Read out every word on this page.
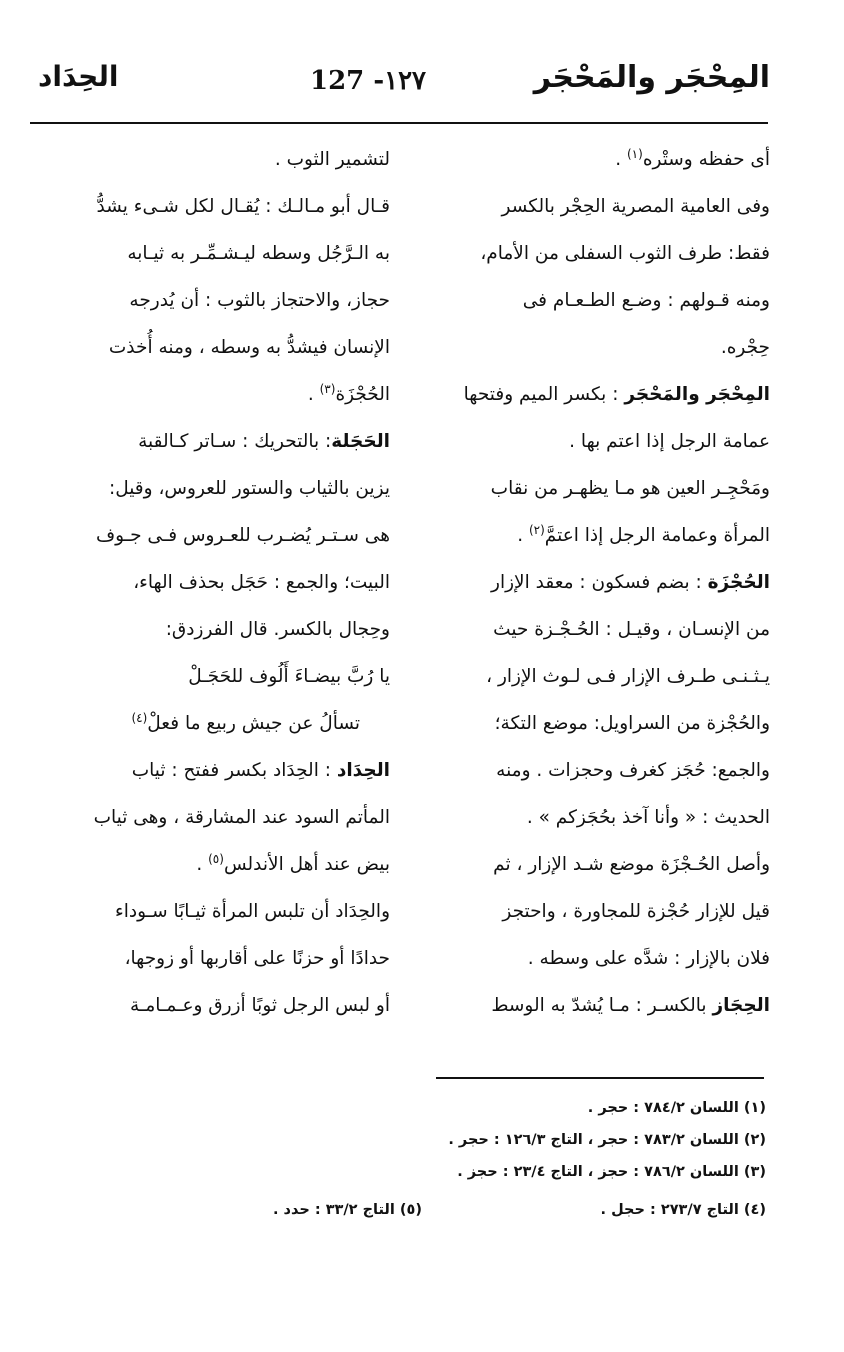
المِحْجَر والمَحْجَر
127 -١٢٧
الحِدَاد
أى حفظه وستْره$^{(١)}$ .
وفى العامية المصرية الحِجْر بالكسر
فقط: طرف الثوب السفلى من الأمام،
ومنه قـولهم : وضـع الطـعـام فى
حِجْره.
المِحْجَر والمَحْجَر : بكسر الميم وفتحها
عمامة الرجل إذا اعتم بها .
ومَحْجِـر العين هو مـا يظهـر من نقاب
المرأة وعمامة الرجل إذا اعتمَّ$^{(٢)}$ .
الحُجْزَة : بضم فسكون : معقد الإزار
من الإنسـان ، وقيـل : الحُـجْـزة حيث
يـثـنـى طـرف الإزار فـى لـوث الإزار ،
والحُجْزة من السراويل: موضع التكة؛
والجمع: حُجَز كغرف وحجزات . ومنه
الحديث : « وأنا آخذ بحُجَزكم » .
وأصل الحُـجْزَة موضع شـد الإزار ، ثم
قيل للإزار حُجْزة للمجاورة ، واحتجز
فلان بالإزار : شدَّه على وسطه .
الحِجَاز بالكسـر : مـا يُشدّ به الوسط
لتشمير الثوب .
قـال أبو مـالـك : يُقـال لكل شـىء يشدُّ
به الـرَّجُل وسطه ليـشـمِّـر به ثيـابه
حجاز، والاحتجاز بالثوب : أن يُدرجه
الإنسان فيشدُّ به وسطه ، ومنه أُخذت
الحُجْزَة$^{(٣)}$ .
الحَجَلة: بالتحريك : سـاتر كـالقبة
يزين بالثياب والستور للعروس، وقيل:
هى سـتـر يُضـرب للعـروس فـى جـوف
البيت؛ والجمع : حَجَل بحذف الهاء،
وحِجال بالكسر. قال الفرزدق:
يا رُبَّ بيضـاءَ أَلُوف للحَجَـلْ
تسألُ عن جيش ربيع ما فعلْ$^{(٤)}$
الحِدَاد : الحِدَاد بكسر ففتح : ثياب
المأتم السود عند المشارقة ، وهى ثياب
بيض عند أهل الأندلس$^{(٥)}$ .
والحِدَاد أن تلبس المرأة ثيـابًا سـوداء
حدادًا أو حزنًا على أقاربها أو زوجها،
أو لبس الرجل ثوبًا أزرق وعـمـامـة
(١) اللسان ٧٨٤/٢ : حجر .
(٢) اللسان ٧٨٣/٢ : حجر ، التاج ١٢٦/٣ : حجر .
(٣) اللسان ٧٨٦/٢ : حجز ، التاج ٢٣/٤ : حجز .
(٤) التاج ٢٧٣/٧ : حجل .
(٥) التاج ٣٣/٢ : حدد .
